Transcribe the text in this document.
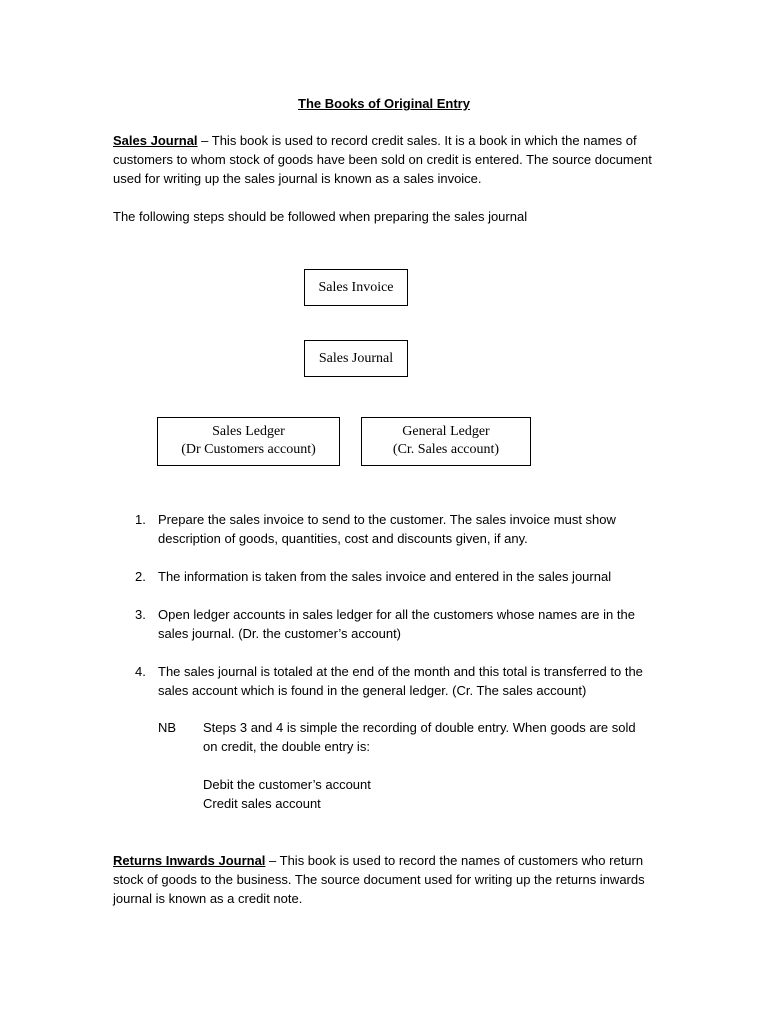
The Books of Original Entry

Sales Journal – This book is used to record credit sales. It is a book in which the names of customers to whom stock of goods have been sold on credit is entered. The source document used for writing up the sales journal is known as a sales invoice.

The following steps should be followed when preparing the sales journal

Sales Invoice
Sales Journal
Sales Ledger
(Dr Customers account)
General Ledger
(Cr. Sales account)
1. Prepare the sales invoice to send to the customer. The sales invoice must show description of goods, quantities, cost and discounts given, if any.
2. The information is taken from the sales invoice and entered in the sales journal
3. Open ledger accounts in sales ledger for all the customers whose names are in the sales journal. (Dr. the customer’s account)
4. The sales journal is totaled at the end of the month and this total is transferred to the sales account which is found in the general ledger. (Cr. The sales account)
NB Steps 3 and 4 is simple the recording of double entry. When goods are sold on credit, the double entry is:
Debit the customer’s account
Credit sales account

Returns Inwards Journal – This book is used to record the names of customers who return stock of goods to the business. The source document used for writing up the returns inwards journal is known as a credit note.
